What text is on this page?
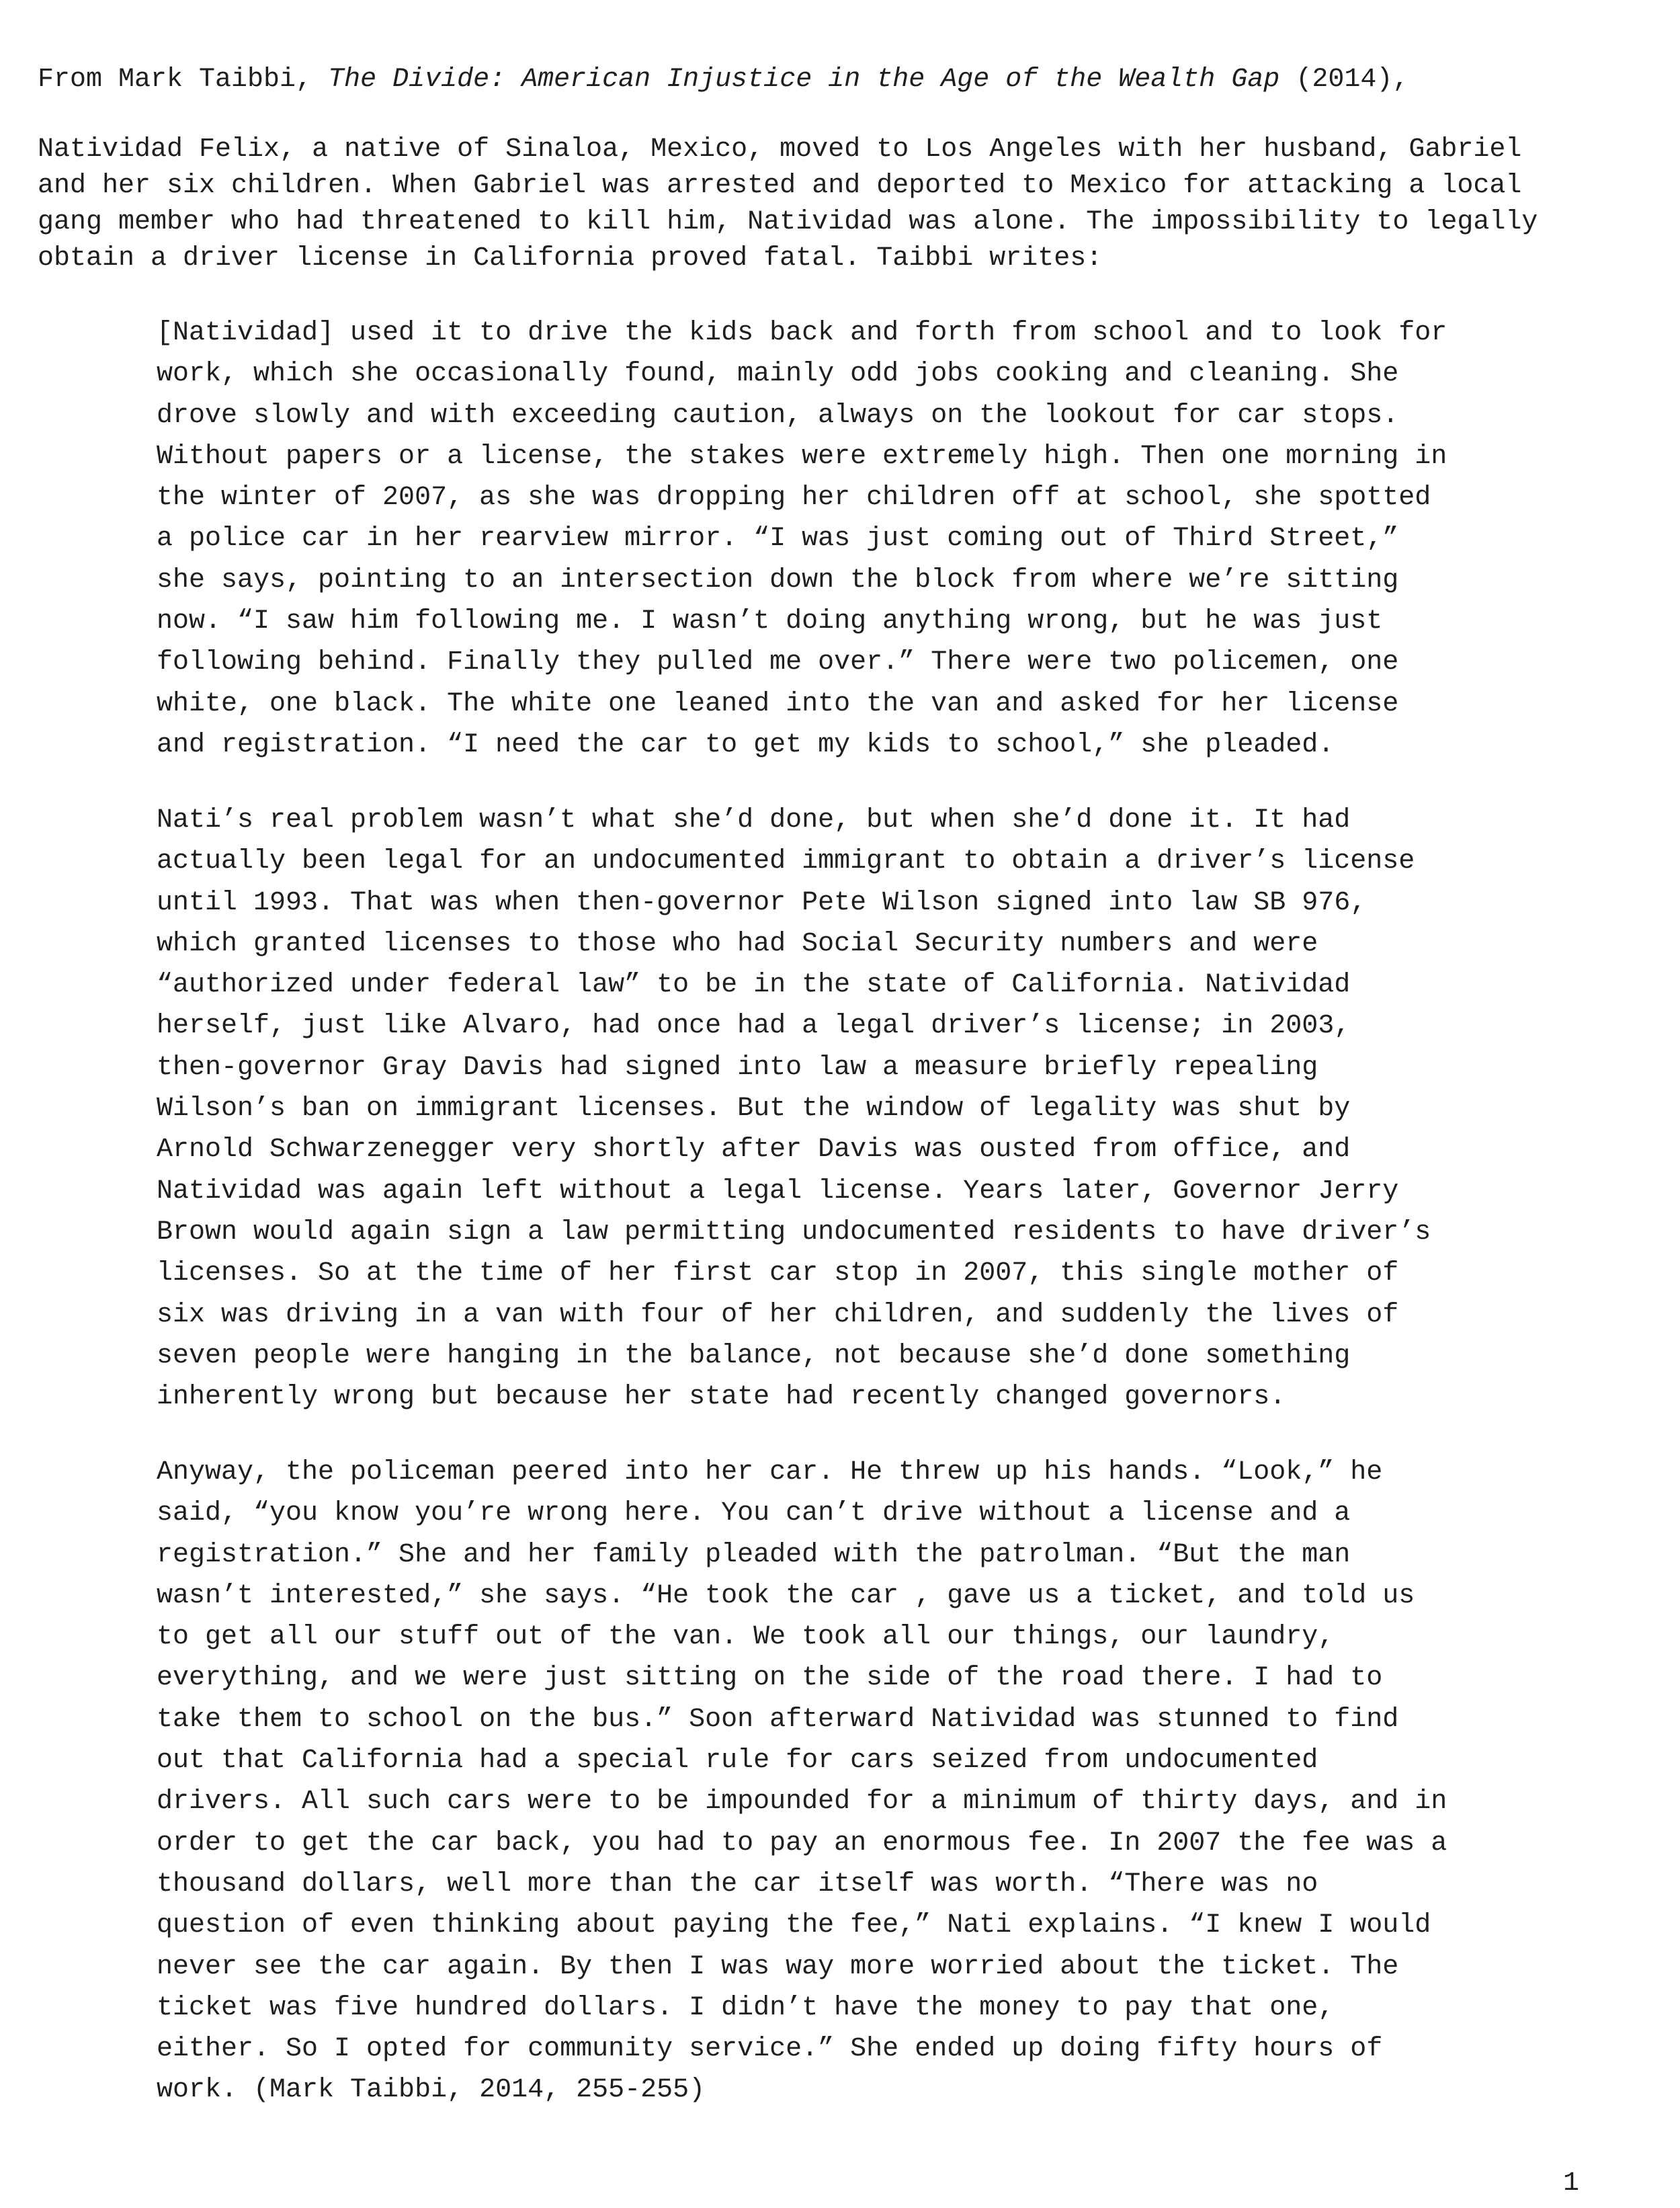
From Mark Taibbi, The Divide: American Injustice in the Age of the Wealth Gap (2014),

Natividad Felix, a native of Sinaloa, Mexico, moved to Los Angeles with her husband, Gabriel
and her six children. When Gabriel was arrested and deported to Mexico for attacking a local
gang member who had threatened to kill him, Natividad was alone. The impossibility to legally
obtain a driver license in California proved fatal. Taibbi writes:

[Natividad] used it to drive the kids back and forth from school and to look for
work, which she occasionally found, mainly odd jobs cooking and cleaning. She
drove slowly and with exceeding caution, always on the lookout for car stops.
Without papers or a license, the stakes were extremely high. Then one morning in
the winter of 2007, as she was dropping her children off at school, she spotted
a police car in her rearview mirror. “I was just coming out of Third Street,”
she says, pointing to an intersection down the block from where we’re sitting
now. “I saw him following me. I wasn’t doing anything wrong, but he was just
following behind. Finally they pulled me over.” There were two policemen, one
white, one black. The white one leaned into the van and asked for her license
and registration. “I need the car to get my kids to school,” she pleaded.

Nati’s real problem wasn’t what she’d done, but when she’d done it. It had
actually been legal for an undocumented immigrant to obtain a driver’s license
until 1993. That was when then-governor Pete Wilson signed into law SB 976,
which granted licenses to those who had Social Security numbers and were
“authorized under federal law” to be in the state of California. Natividad
herself, just like Alvaro, had once had a legal driver’s license; in 2003,
then-governor Gray Davis had signed into law a measure briefly repealing
Wilson’s ban on immigrant licenses. But the window of legality was shut by
Arnold Schwarzenegger very shortly after Davis was ousted from office, and
Natividad was again left without a legal license. Years later, Governor Jerry
Brown would again sign a law permitting undocumented residents to have driver’s
licenses. So at the time of her first car stop in 2007, this single mother of
six was driving in a van with four of her children, and suddenly the lives of
seven people were hanging in the balance, not because she’d done something
inherently wrong but because her state had recently changed governors.

Anyway, the policeman peered into her car. He threw up his hands. “Look,” he
said, “you know you’re wrong here. You can’t drive without a license and a
registration.” She and her family pleaded with the patrolman. “But the man
wasn’t interested,” she says. “He took the car , gave us a ticket, and told us
to get all our stuff out of the van. We took all our things, our laundry,
everything, and we were just sitting on the side of the road there. I had to
take them to school on the bus.” Soon afterward Natividad was stunned to find
out that California had a special rule for cars seized from undocumented
drivers. All such cars were to be impounded for a minimum of thirty days, and in
order to get the car back, you had to pay an enormous fee. In 2007 the fee was a
thousand dollars, well more than the car itself was worth. “There was no
question of even thinking about paying the fee,” Nati explains. “I knew I would
never see the car again. By then I was way more worried about the ticket. The
ticket was five hundred dollars. I didn’t have the money to pay that one,
either. So I opted for community service.” She ended up doing fifty hours of
work. (Mark Taibbi, 2014, 255-255)

1
